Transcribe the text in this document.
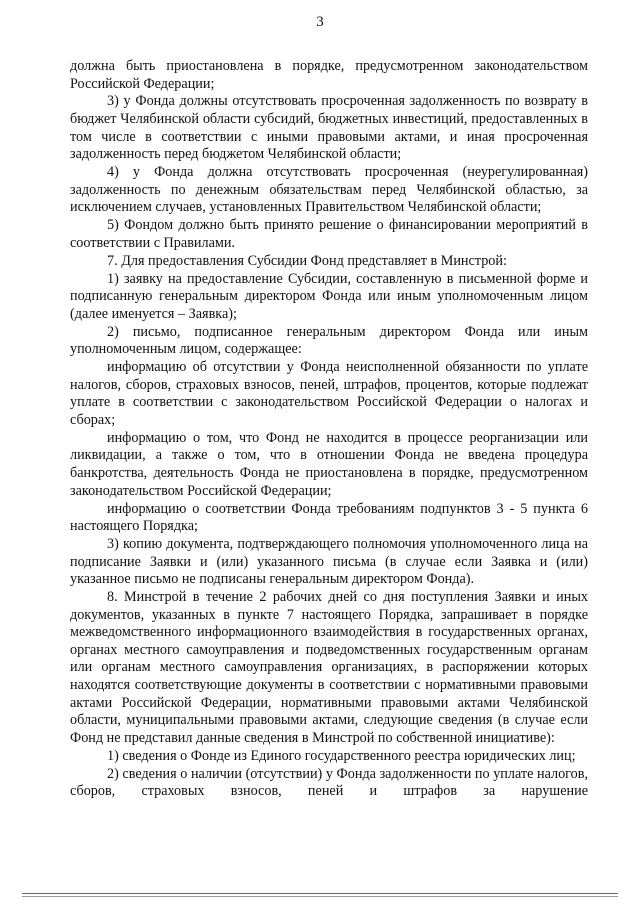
3

должна быть приостановлена в порядке, предусмотренном законодательством Российской Федерации;

3) у Фонда должны отсутствовать просроченная задолженность по возврату в бюджет Челябинской области субсидий, бюджетных инвестиций, предоставленных в том числе в соответствии с иными правовыми актами, и иная просроченная задолженность перед бюджетом Челябинской области;

4) у Фонда должна отсутствовать просроченная (неурегулированная) задолженность по денежным обязательствам перед Челябинской областью, за исключением случаев, установленных Правительством Челябинской области;

5) Фондом должно быть принято решение о финансировании мероприятий в соответствии с Правилами.

7. Для предоставления Субсидии Фонд представляет в Минстрой:

1) заявку на предоставление Субсидии, составленную в письменной форме и подписанную генеральным директором Фонда или иным уполномоченным лицом (далее именуется – Заявка);

2) письмо, подписанное генеральным директором Фонда или иным уполномоченным лицом, содержащее:

информацию об отсутствии у Фонда неисполненной обязанности по уплате налогов, сборов, страховых взносов, пеней, штрафов, процентов, которые подлежат уплате в соответствии с законодательством Российской Федерации о налогах и сборах;

информацию о том, что Фонд не находится в процессе реорганизации или ликвидации, а также о том, что в отношении Фонда не введена процедура банкротства, деятельность Фонда не приостановлена в порядке, предусмотренном законодательством Российской Федерации;

информацию о соответствии Фонда требованиям подпунктов 3 - 5 пункта 6 настоящего Порядка;

3) копию документа, подтверждающего полномочия уполномоченного лица на подписание Заявки и (или) указанного письма (в случае если Заявка и (или) указанное письмо не подписаны генеральным директором Фонда).

8. Минстрой в течение 2 рабочих дней со дня поступления Заявки и иных документов, указанных в пункте 7 настоящего Порядка, запрашивает в порядке межведомственного информационного взаимодействия в государственных органах, органах местного самоуправления и подведомственных государственным органам или органам местного самоуправления организациях, в распоряжении которых находятся соответствующие документы в соответствии с нормативными правовыми актами Российской Федерации, нормативными правовыми актами Челябинской области, муниципальными правовыми актами, следующие сведения (в случае если Фонд не представил данные сведения в Минстрой по собственной инициативе):

1) сведения о Фонде из Единого государственного реестра юридических лиц;

2) сведения о наличии (отсутствии) у Фонда задолженности по уплате налогов, сборов, страховых взносов, пеней и штрафов за нарушение
